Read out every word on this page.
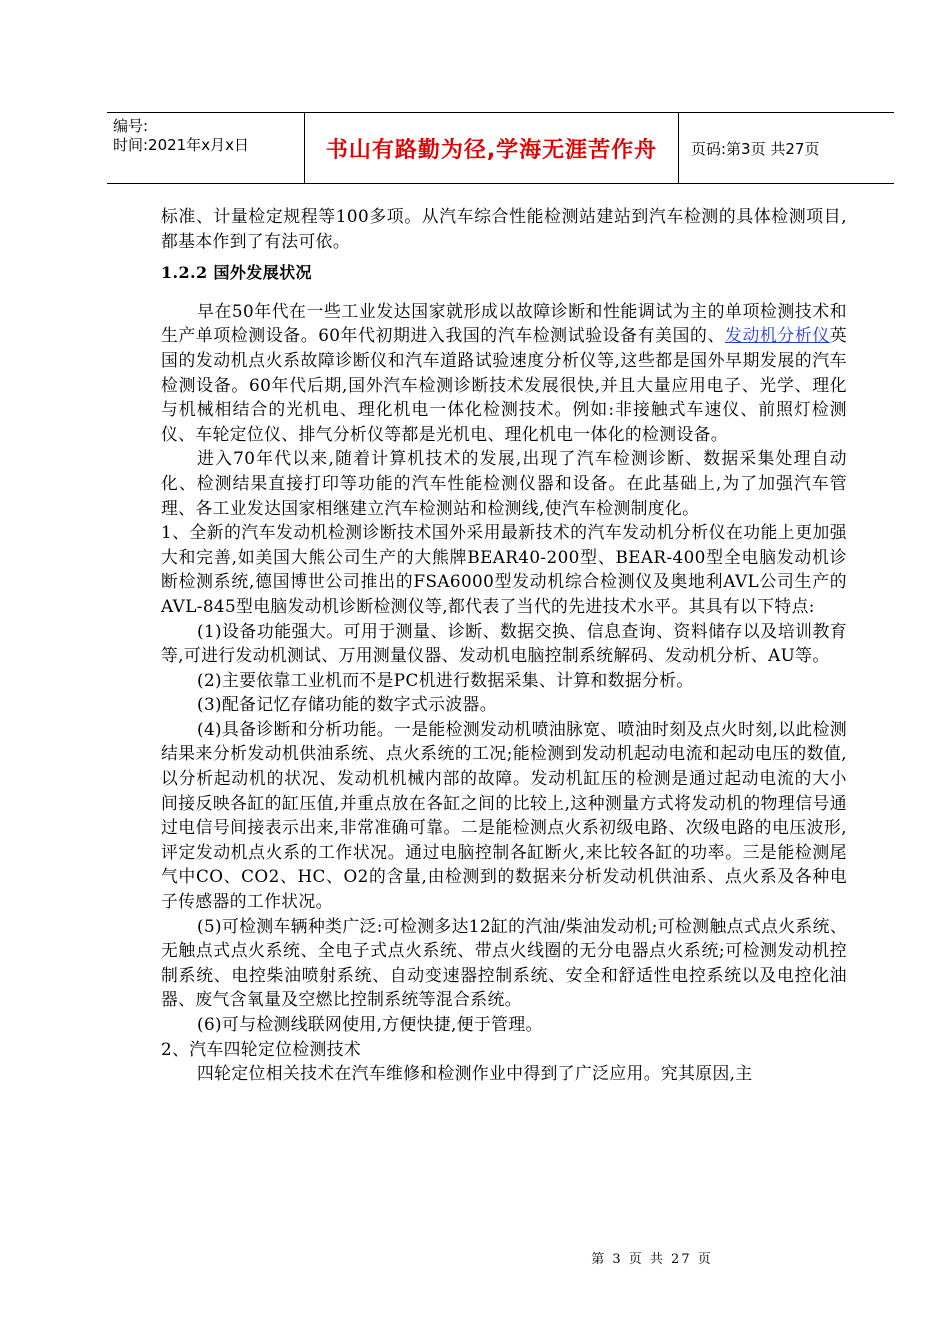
编号:
时间:2021年x月x日	书山有路勤为径,学海无涯苦作舟 页码:第3页 共27页

标准、计量检定规程等100多项。从汽车综合性能检测站建站到汽车检测的具体检测项目,都基本作到了有法可依。

1.2.2 国外发展状况

早在50年代在一些工业发达国家就形成以故障诊断和性能调试为主的单项检测技术和生产单项检测设备。60年代初期进入我国的汽车检测试验设备有美国的、发动机分析仪英国的发动机点火系故障诊断仪和汽车道路试验速度分析仪等,这些都是国外早期发展的汽车检测设备。60年代后期,国外汽车检测诊断技术发展很快,并且大量应用电子、光学、理化与机械相结合的光机电、理化机电一体化检测技术。例如:非接触式车速仪、前照灯检测仪、车轮定位仪、排气分析仪等都是光机电、理化机电一体化的检测设备。

进入70年代以来,随着计算机技术的发展,出现了汽车检测诊断、数据采集处理自动化、检测结果直接打印等功能的汽车性能检测仪器和设备。在此基础上,为了加强汽车管理、各工业发达国家相继建立汽车检测站和检测线,使汽车检测制度化。

1、全新的汽车发动机检测诊断技术国外采用最新技术的汽车发动机分析仪在功能上更加强大和完善,如美国大熊公司生产的大熊牌BEAR40-200型、BEAR-400型全电脑发动机诊断检测系统,德国博世公司推出的FSA6000型发动机综合检测仪及奥地利AVL公司生产的AVL-845型电脑发动机诊断检测仪等,都代表了当代的先进技术水平。其具有以下特点:

(1)设备功能强大。可用于测量、诊断、数据交换、信息查询、资料储存以及培训教育等,可进行发动机测试、万用测量仪器、发动机电脑控制系统解码、发动机分析、AU等。

(2)主要依靠工业机而不是PC机进行数据采集、计算和数据分析。

(3)配备记忆存储功能的数字式示波器。

(4)具备诊断和分析功能。一是能检测发动机喷油脉宽、喷油时刻及点火时刻,以此检测结果来分析发动机供油系统、点火系统的工况;能检测到发动机起动电流和起动电压的数值,以分析起动机的状况、发动机机械内部的故障。发动机缸压的检测是通过起动电流的大小间接反映各缸的缸压值,并重点放在各缸之间的比较上,这种测量方式将发动机的物理信号通过电信号间接表示出来,非常准确可靠。二是能检测点火系初级电路、次级电路的电压波形,评定发动机点火系的工作状况。通过电脑控制各缸断火,来比较各缸的功率。三是能检测尾气中CO、CO2、HC、O2的含量,由检测到的数据来分析发动机供油系、点火系及各种电子传感器的工作状况。

(5)可检测车辆种类广泛:可检测多达12缸的汽油/柴油发动机;可检测触点式点火系统、无触点式点火系统、全电子式点火系统、带点火线圈的无分电器点火系统;可检测发动机控制系统、电控柴油喷射系统、自动变速器控制系统、安全和舒适性电控系统以及电控化油器、废气含氧量及空燃比控制系统等混合系统。

(6)可与检测线联网使用,方便快捷,便于管理。

2、汽车四轮定位检测技术

四轮定位相关技术在汽车维修和检测作业中得到了广泛应用。究其原因,主

第 3 页 共 27 页
